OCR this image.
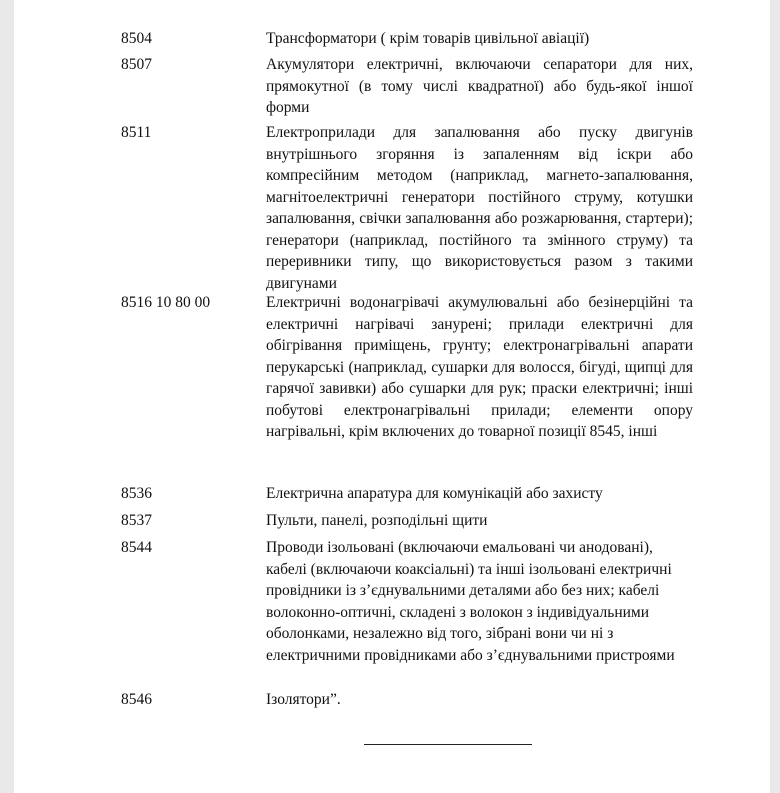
8504	Трансформатори ( крім товарів цивільної авіації)
8507	Акумулятори електричні, включаючи сепаратори для них, прямокутної (в тому числі квадратної) або будь-якої іншої форми
8511	Електроприлади для запалювання або пуску двигунів внутрішнього згоряння із запаленням від іскри або компресійним методом (наприклад, магнето-запалювання, магнітоелектричні генератори постійного струму, котушки запалювання, свічки запалювання або розжарювання, стартери); генератори (наприклад, постійного та змінного струму) та переривники типу, що використовується разом з такими двигунами
8516 10 80 00	Електричні водонагрівачі акумулювальні або безінерційні та електричні нагрівачі занурені; прилади електричні для обігрівання приміщень, грунту; електронагрівальні апарати перукарські (наприклад, сушарки для волосся, бігуді, щипці для гарячої завивки) або сушарки для рук; праски електричні; інші побутові електронагрівальні прилади; елементи опору нагрівальні, крім включених до товарної позиції 8545, інші
8536	Електрична апаратура для комунікацій або захисту
8537	Пульти, панелі, розподільні щити
8544	Проводи ізольовані (включаючи емальовані чи анодовані), кабелі (включаючи коаксіальні) та інші ізольовані електричні провідники із з’єднувальними деталями або без них; кабелі волоконно-оптичні, складені з волокон з індивідуальними оболонками, незалежно від того, зібрані вони чи ні з електричними провідниками або з’єднувальними пристроями
8546	Ізолятори”.
